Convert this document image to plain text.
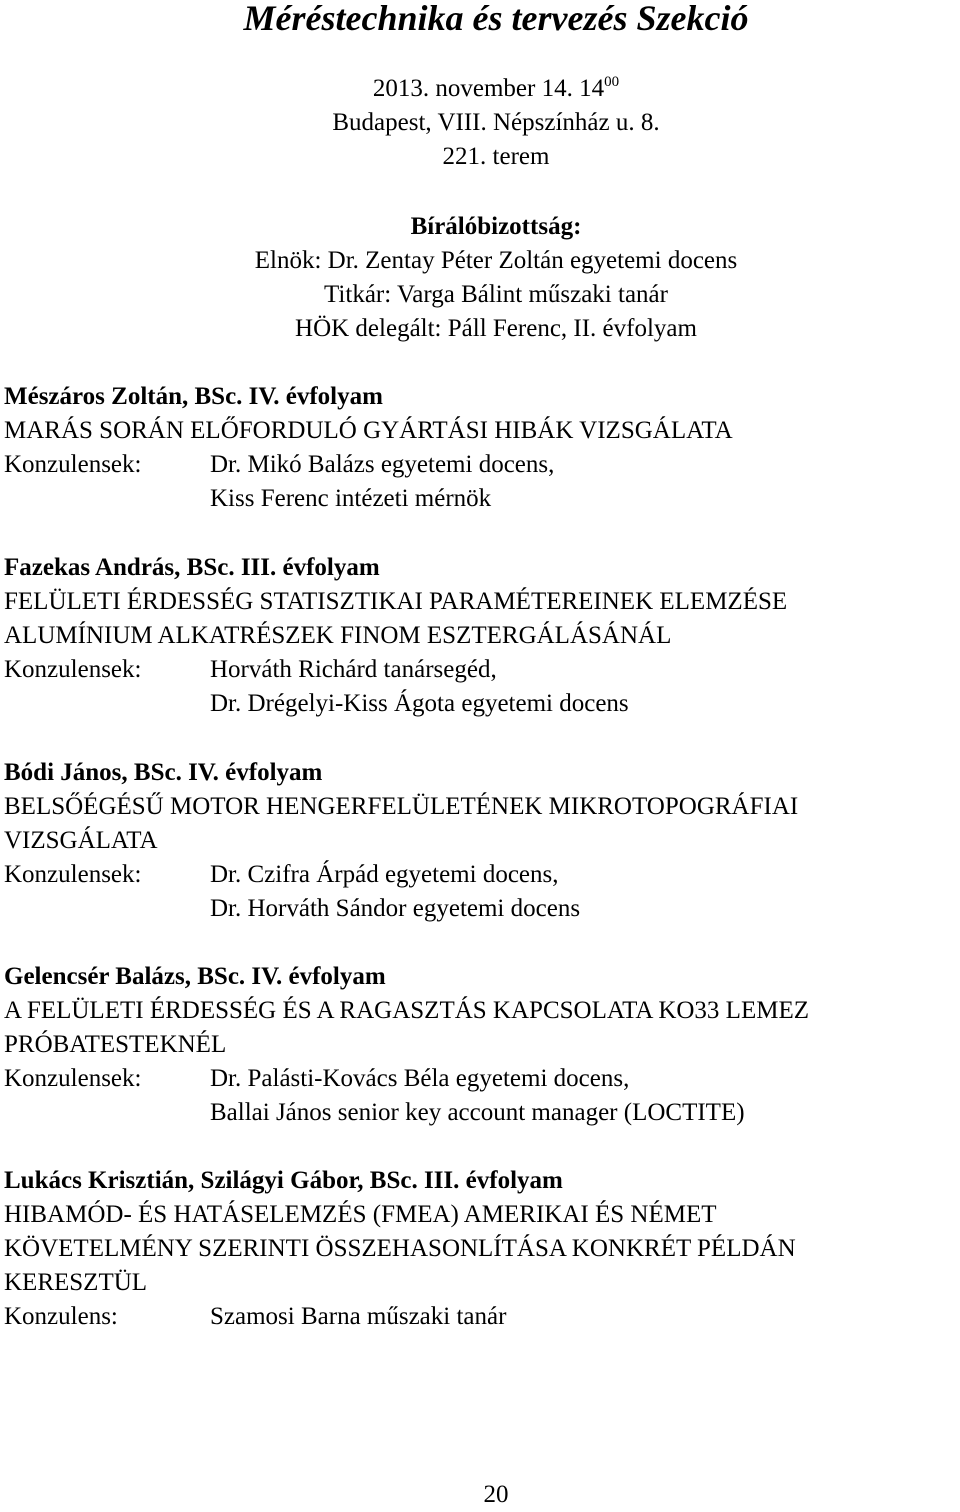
Méréstechnika és tervezés Szekció
2013. november 14. $14^{00}$
Budapest, VIII. Népszínház u. 8.
221. terem
Bírálóbizottság:
Elnök: Dr. Zentay Péter Zoltán egyetemi docens
Titkár: Varga Bálint műszaki tanár
HÖK delegált: Páll Ferenc, II. évfolyam
Mészáros Zoltán, BSc. IV. évfolyam
MARÁS SORÁN ELŐFORDULÓ GYÁRTÁSI HIBÁK VIZSGÁLATA
Konzulensek:	Dr. Mikó Balázs egyetemi docens,
Kiss Ferenc intézeti mérnök
Fazekas András, BSc. III. évfolyam
FELÜLETI ÉRDESSÉG STATISZTIKAI PARAMÉTEREINEK ELEMZÉSE
ALUMÍNIUM ALKATRÉSZEK FINOM ESZTERGÁLÁSÁNÁL
Konzulensek:	Horváth Richárd tanársegéd,
Dr. Drégelyi-Kiss Ágota egyetemi docens
Bódi János, BSc. IV. évfolyam
BELSŐÉGÉSŰ MOTOR HENGERFELÜLETÉNEK MIKROTOPOGRÁFIAI
VIZSGÁLATA
Konzulensek:	Dr. Czifra Árpád egyetemi docens,
Dr. Horváth Sándor egyetemi docens
Gelencsér Balázs, BSc. IV. évfolyam
A FELÜLETI ÉRDESSÉG ÉS A RAGASZTÁS KAPCSOLATA KO33 LEMEZ
PRÓBATESTEKNÉL
Konzulensek:	Dr. Palásti-Kovács Béla egyetemi docens,
Ballai János senior key account manager (LOCTITE)
Lukács Krisztián, Szilágyi Gábor, BSc. III. évfolyam
HIBAMÓD- ÉS HATÁSELEMZÉS (FMEA) AMERIKAI ÉS NÉMET
KÖVETELMÉNY SZERINTI ÖSSZEHASONLÍTÁSA KONKRÉT PÉLDÁN
KERESZTÜL
Konzulens:	Szamosi Barna műszaki tanár
20
